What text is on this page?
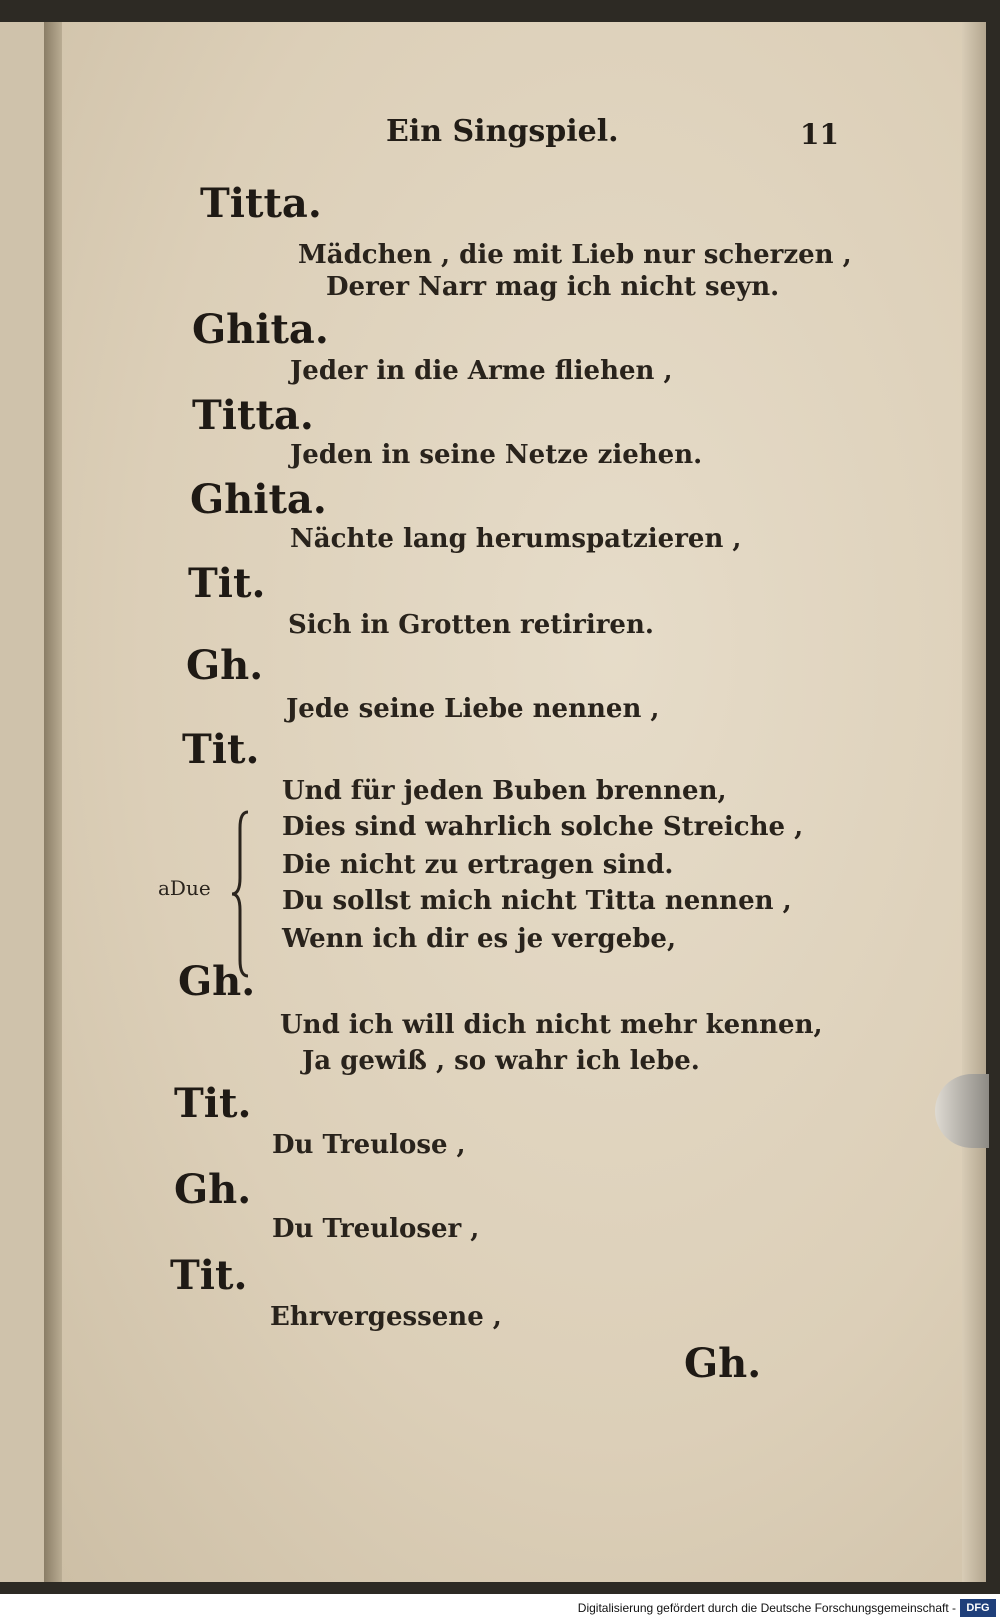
Ein Singspiel.	11
Titta.
Mädchen , die mit Lieb nur scherzen ,
Derer Narr mag ich nicht seyn.
Ghita.
Jeder in die Arme fliehen ,
Titta.
Jeden in seine Netze ziehen.
Ghita.
Nächte lang herumspatzieren ,
Tit.
Sich in Grotten retiriren.
Gh.
Jede seine Liebe nennen ,
Tit.
Und für jeden Buben brennen,
Dies sind wahrlich solche Streiche ,
Die nicht zu ertragen sind.
Du sollst mich nicht Titta nennen ,
Wenn ich dir es je vergebe,
aDue
Gh.
Und ich will dich nicht mehr kennen,
Ja gewiß , so wahr ich lebe.
Tit.
Du Treulose ,
Gh.
Du Treuloser ,
Tit.
Ehrvergessene ,
Gh.
Digitalisierung gefördert durch die Deutsche Forschungsgemeinschaft - DFG
